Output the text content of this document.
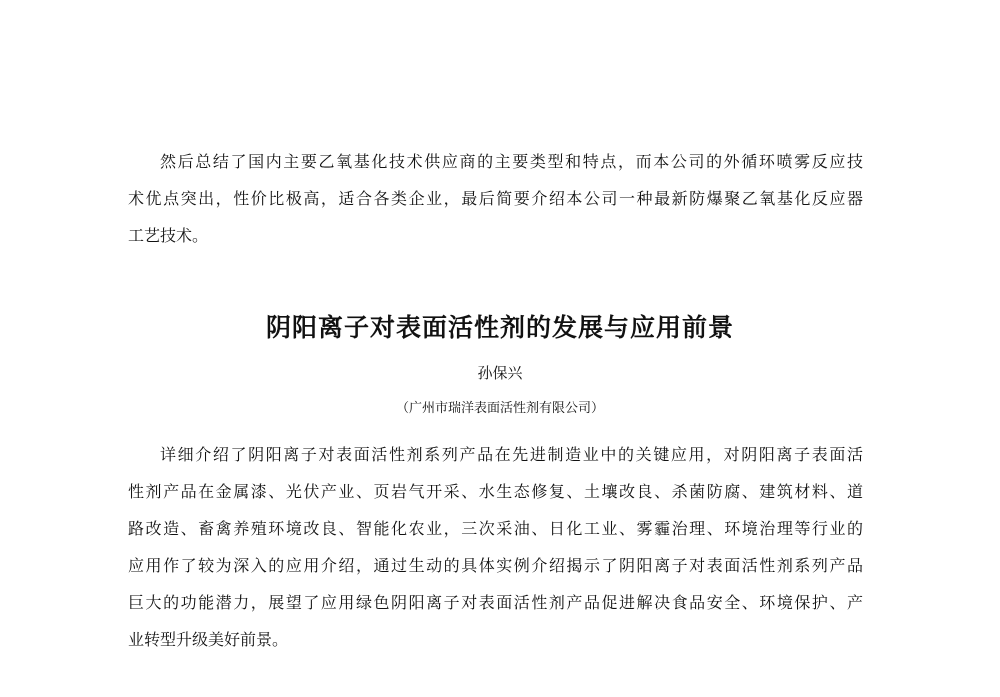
然后总结了国内主要乙氧基化技术供应商的主要类型和特点，而本公司的外循环喷雾反应技
术优点突出，性价比极高，适合各类企业，最后简要介绍本公司一种最新防爆聚乙氧基化反应器
工艺技术。
阴阳离子对表面活性剂的发展与应用前景

孙保兴

（广州市瑞洋表面活性剂有限公司）

详细介绍了阴阳离子对表面活性剂系列产品在先进制造业中的关键应用，对阴阳离子表面活
性剂产品在金属漆、光伏产业、页岩气开采、水生态修复、土壤改良、杀菌防腐、建筑材料、道
路改造、畜禽养殖环境改良、智能化农业，三次采油、日化工业、雾霾治理、环境治理等行业的
应用作了较为深入的应用介绍，通过生动的具体实例介绍揭示了阴阳离子对表面活性剂系列产品
巨大的功能潜力，展望了应用绿色阴阳离子对表面活性剂产品促进解决食品安全、环境保护、产
业转型升级美好前景。
